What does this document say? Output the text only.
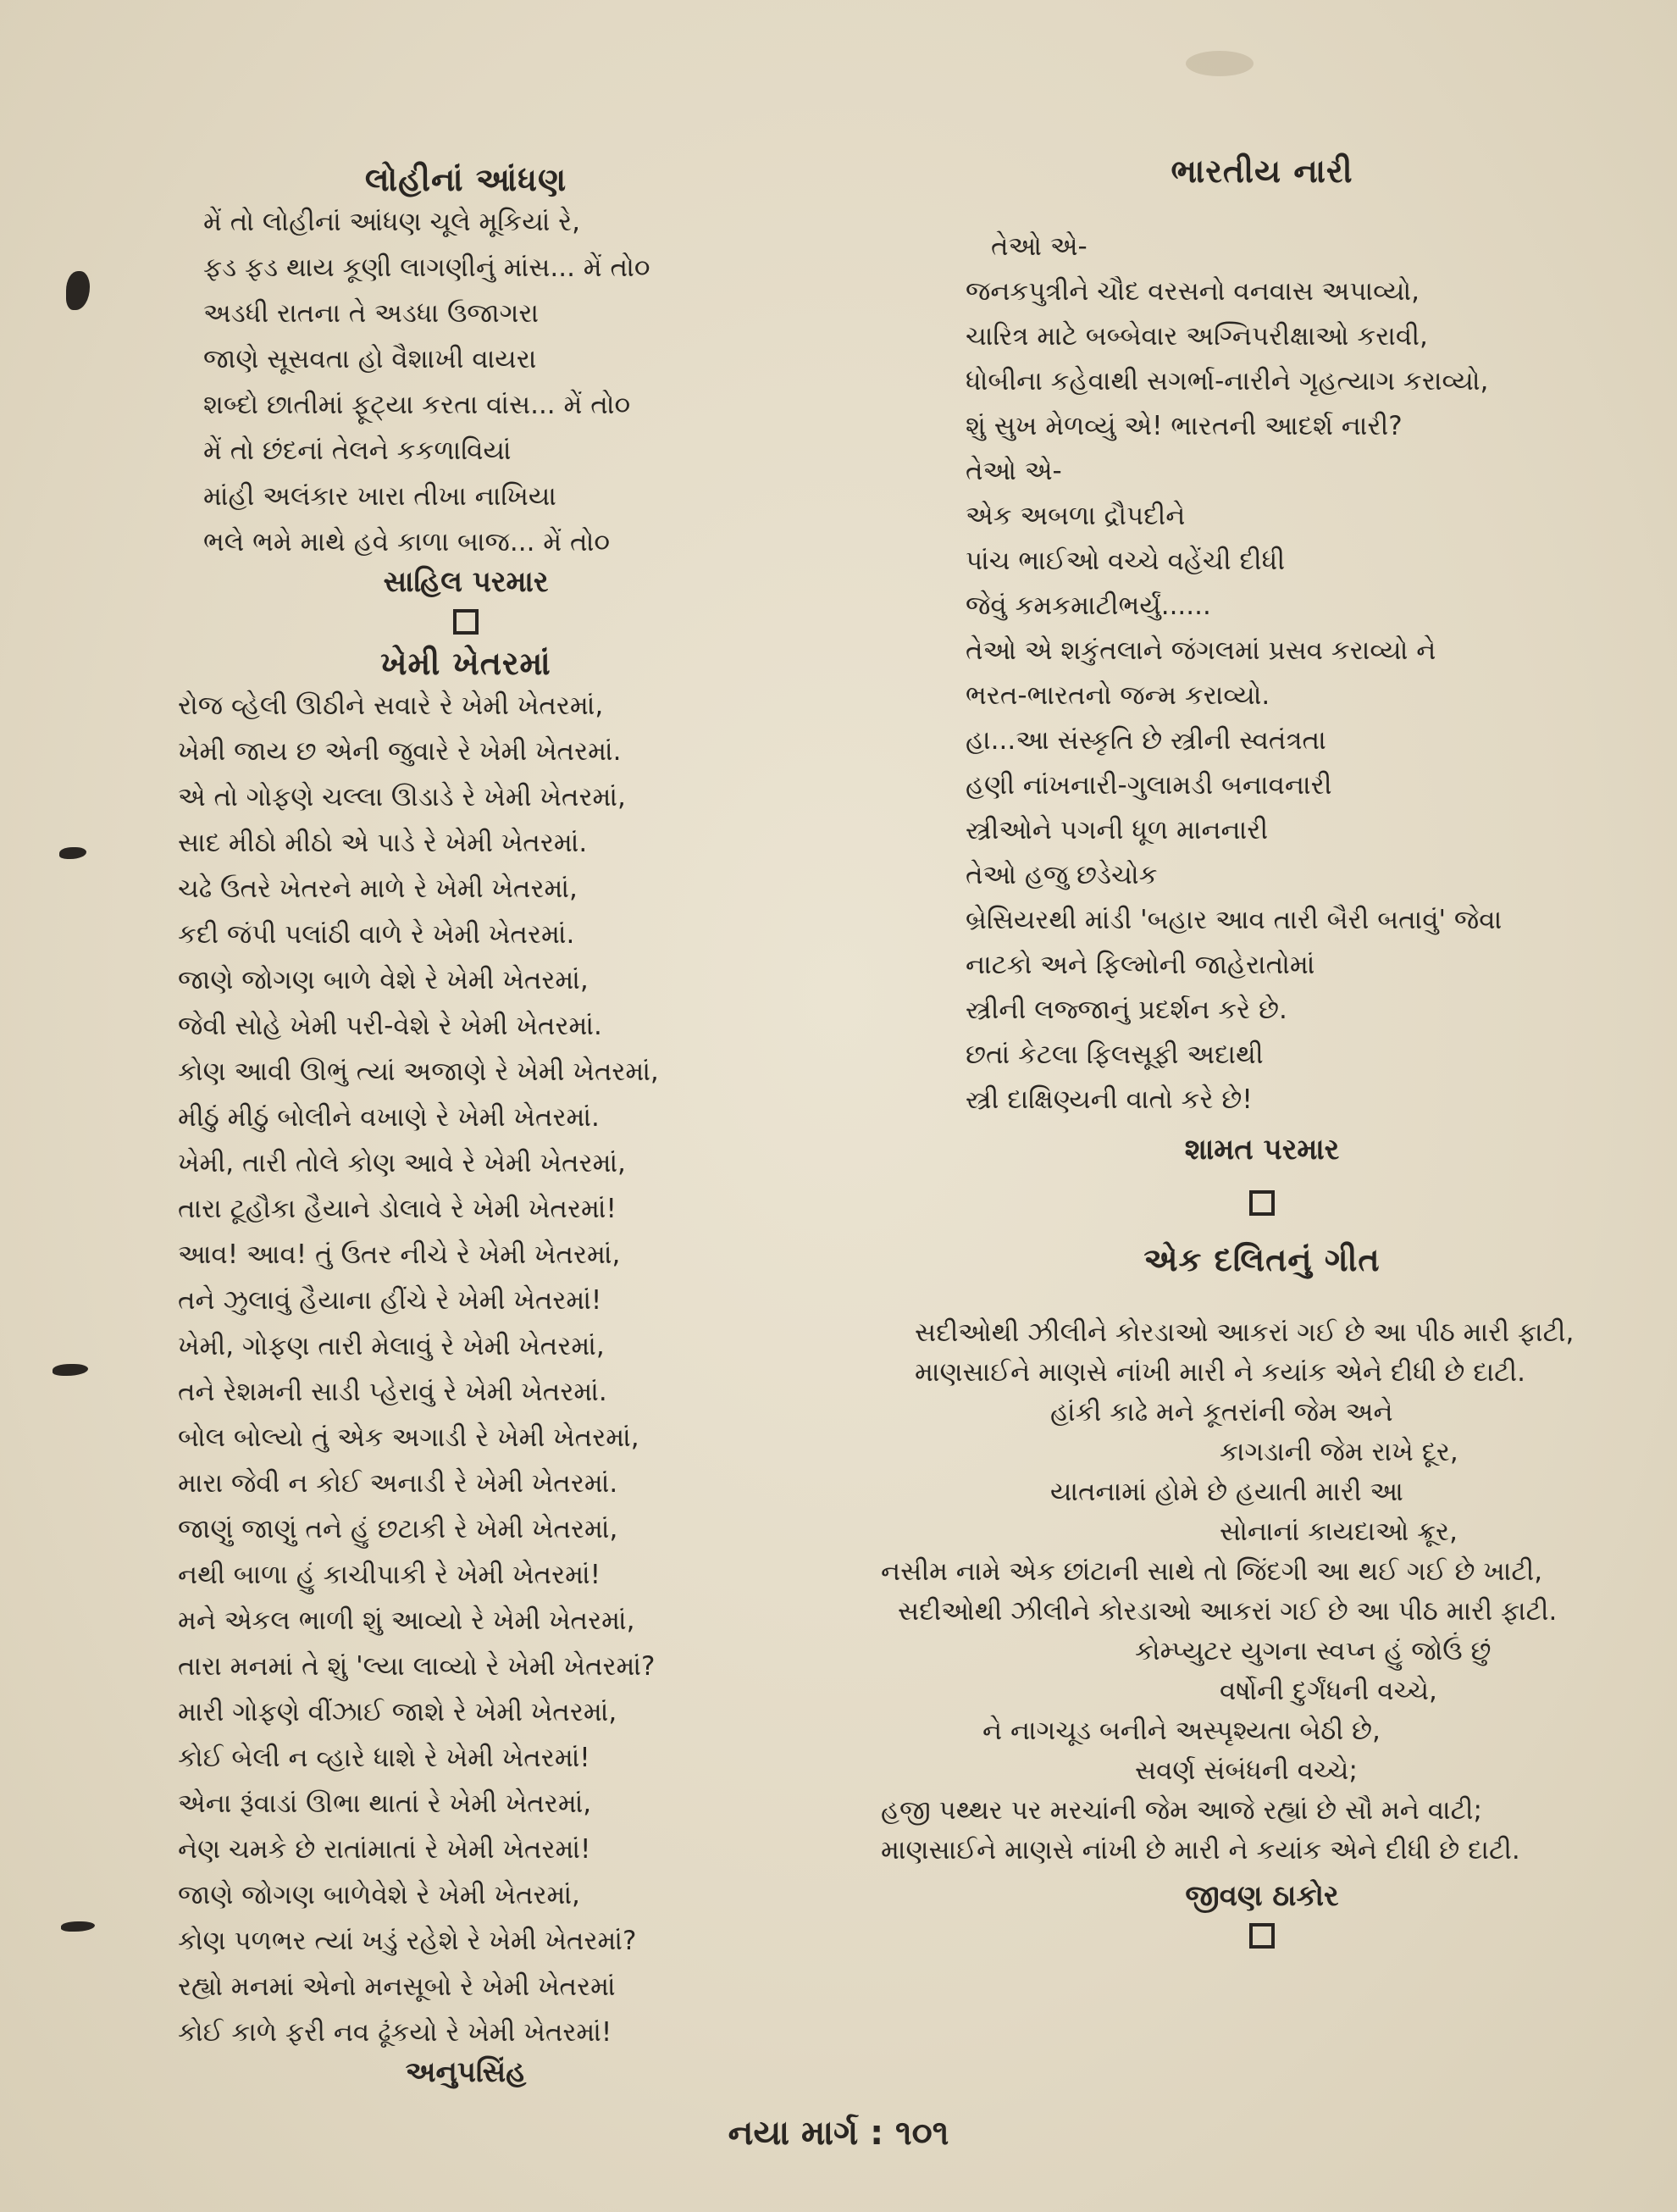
લોહીનાં આંધણ

મેં તો લોહીનાં આંધણ ચૂલે મૂકિયાં રે,

ફડ ફડ થાય કૂણી લાગણીનું માંસ... મેં તો૦

અડધી રાતના તે અડધા ઉજાગરા

જાણે સૂસવતા હો વૈશાખી વાયરા

શબ્દો છાતીમાં ફૂટ્યા કરતા વાંસ... મેં તો૦

મેં તો છંદનાં તેલને કકળાવિયાં

માંહી અલંકાર ખારા તીખા નાખિયા

ભલે ભમે માથે હવે કાળા બાજ... મેં તો૦

સાહિલ પરમાર

ખેમી ખેતરમાં

રોજ વ્હેલી ઊઠીને સવારે રે ખેમી ખેતરમાં,

ખેમી જાય છ એની જુવારે રે ખેમી ખેતરમાં.

એ તો ગોફણે ચલ્લા ઊડાડે રે ખેમી ખેતરમાં,

સાદ મીઠો મીઠો એ પાડે રે ખેમી ખેતરમાં.

ચઢે ઉતરે ખેતરને માળે રે ખેમી ખેતરમાં,

કદી જંપી પલાંઠી વાળે રે ખેમી ખેતરમાં.

જાણે જોગણ બાળે વેશે રે ખેમી ખેતરમાં,

જેવી સોહે ખેમી પરી-વેશે રે ખેમી ખેતરમાં.

કોણ આવી ઊભું ત્યાં અજાણે રે ખેમી ખેતરમાં,

મીઠું મીઠું બોલીને વખાણે રે ખેમી ખેતરમાં.

ખેમી, તારી તોલે કોણ આવે રે ખેમી ખેતરમાં,

તારા ટૂહૌકા હૈયાને ડોલાવે રે ખેમી ખેતરમાં!

આવ! આવ! તું ઉતર નીચે રે ખેમી ખેતરમાં,

તને ઝુલાવું હૈયાના હીંચે રે ખેમી ખેતરમાં!

ખેમી, ગોફણ તારી મેલાવું રે ખેમી ખેતરમાં,

તને રેશમની સાડી પ્હેરાવું રે ખેમી ખેતરમાં.

બોલ બોલ્યો તું એક અગાડી રે ખેમી ખેતરમાં,

મારા જેવી ન કોઈ અનાડી રે ખેમી ખેતરમાં.

જાણું જાણું તને હું છટાકી રે ખેમી ખેતરમાં,

નથી બાળા હું કાચીપાકી રે ખેમી ખેતરમાં!

મને એકલ ભાળી શું આવ્યો રે ખેમી ખેતરમાં,

તારા મનમાં તે શું 'લ્યા લાવ્યો રે ખેમી ખેતરમાં?

મારી ગોફણે વીંઝાઈ જાશે રે ખેમી ખેતરમાં,

કોઈ બેલી ન વ્હારે ધાશે રે ખેમી ખેતરમાં!

એના રૂંવાડાં ઊભા થાતાં રે ખેમી ખેતરમાં,

નેણ ચમકે છે રાતાંમાતાં રે ખેમી ખેતરમાં!

જાણે જોગણ બાળેવેશે રે ખેમી ખેતરમાં,

કોણ પળભર ત્યાં ખડું રહેશે રે ખેમી ખેતરમાં?

રહ્યો મનમાં એનો મનસૂબો રે ખેમી ખેતરમાં

કોઈ કાળે ફરી નવ ઢૂંકયો રે ખેમી ખેતરમાં!

અનુપસિંહ

ભારતીય નારી

તેઓ એ-

જનકપુત્રીને ચૌદ વરસનો વનવાસ અપાવ્યો,

ચારિત્ર માટે બબ્બેવાર અગ્નિપરીક્ષાઓ કરાવી,

ધોબીના કહેવાથી સગર્ભા-નારીને ગૃહત્યાગ કરાવ્યો,

શું સુખ મેળવ્યું એ! ભારતની આદર્શ નારી?

તેઓ એ-

એક અબળા દ્રૌપદીને

પાંચ ભાઈઓ વચ્ચે વહેંચી દીધી

જેવું કમકમાટીભર્યું......

તેઓ એ શકુંતલાને જંગલમાં પ્રસવ કરાવ્યો ને

ભરત-ભારતનો જન્મ કરાવ્યો.

હા...આ સંસ્કૃતિ છે સ્ત્રીની સ્વતંત્રતા

હણી નાંખનારી-ગુલામડી બનાવનારી

સ્ત્રીઓને પગની ધૂળ માનનારી

તેઓ હજુ છડેચોક

બ્રેસિયરથી માંડી 'બહાર આવ તારી બૈરી બતાવું' જેવા

નાટકો અને ફિલ્મોની જાહેરાતોમાં

સ્ત્રીની લજ્જાનું પ્રદર્શન કરે છે.

છતાં કેટલા ફિલસૂફી અદાથી

સ્ત્રી દાક્ષિણ્યની વાતો કરે છે!

શામત પરમાર

એક દલિતનું ગીત

સદીઓથી ઝીલીને કોરડાઓ આકરાં ગઈ છે આ પીઠ મારી ફાટી,

માણસાઈને માણસે નાંખી મારી ને કયાંક એને દીધી છે દાટી.

હાંકી કાઢે મને કૂતરાંની જેમ અને

કાગડાની જેમ રાખે દૂર,

યાતનામાં હોમે છે હયાતી મારી આ

સોનાનાં કાયદાઓ ક્રૂર,

નસીમ નામે એક છાંટાની સાથે તો જિંદગી આ થઈ ગઈ છે ખાટી,

સદીઓથી ઝીલીને કોરડાઓ આકરાં ગઈ છે આ પીઠ મારી ફાટી.

કોમ્પ્યુટર યુગના સ્વપ્ન હું જોઉં છું

વર્ષોની દુર્ગંધની વચ્ચે,

ને નાગચૂડ બનીને અસ્પૃશ્યતા બેઠી છે,

સવર્ણ સંબંધની વચ્ચે;

હજી પથ્થર પર મરચાંની જેમ આજે રહ્યાં છે સૌ મને વાટી;

માણસાઈને માણસે નાંખી છે મારી ને કયાંક એને દીધી છે દાટી.

જીવણ ઠાકોર

નયા માર્ગ : ૧૦૧
